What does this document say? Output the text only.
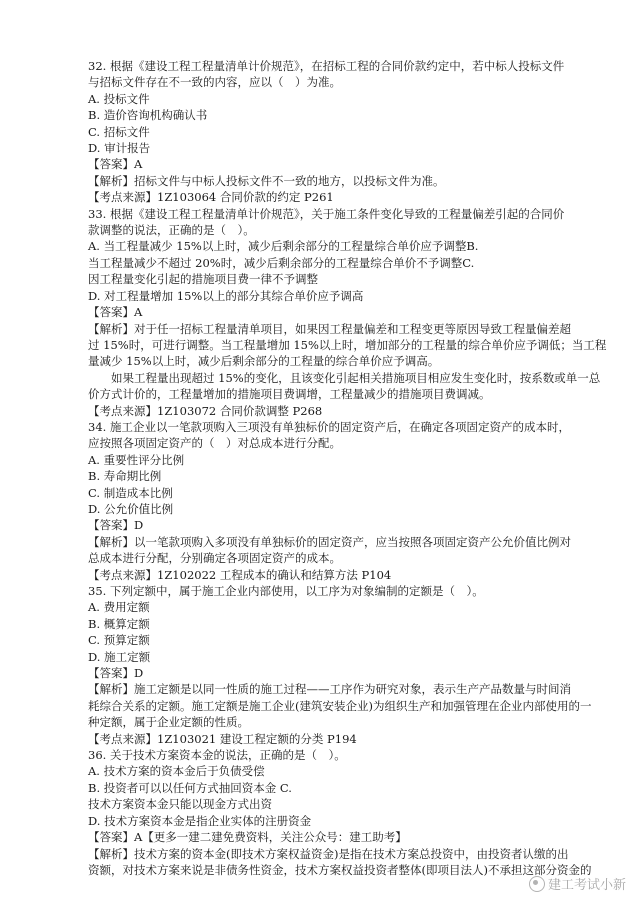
32. 根据《建设工程工程量清单计价规范》，在招标工程的合同价款约定中，若中标人投标文件

与招标文件存在不一致的内容，应以（　）为准。

A. 投标文件

B. 造价咨询机构确认书

C. 招标文件

D. 审计报告

【答案】A

【解析】招标文件与中标人投标文件不一致的地方，以投标文件为准。

【考点来源】1Z103064 合同价款的约定 P261

33. 根据《建设工程工程量清单计价规范》，关于施工条件变化导致的工程量偏差引起的合同价

款调整的说法，正确的是（　）。

A. 当工程量减少 15%以上时，减少后剩余部分的工程量综合单价应予调整B.

当工程量减少不超过 20%时，减少后剩余部分的工程量综合单价不予调整C.

因工程量变化引起的措施项目费一律不予调整

D. 对工程量增加 15%以上的部分其综合单价应予调高

【答案】A

【解析】对于任一招标工程量清单项目，如果因工程量偏差和工程变更等原因导致工程量偏差超

过 15%时，可进行调整。当工程量增加 15%以上时，增加部分的工程量的综合单价应予调低；当工程

量减少 15%以上时，减少后剩余部分的工程量的综合单价应予调高。

　　如果工程量出现超过 15%的变化，且该变化引起相关措施项目相应发生变化时，按系数或单一总

价方式计价的，工程量增加的措施项目费调增，工程量减少的措施项目费调减。

【考点来源】1Z103072 合同价款调整 P268

34. 施工企业以一笔款项购入三项没有单独标价的固定资产后，在确定各项固定资产的成本时，

应按照各项固定资产的（　）对总成本进行分配。

A. 重要性评分比例

B. 寿命期比例

C. 制造成本比例

D. 公允价值比例

【答案】D

【解析】以一笔款项购入多项没有单独标价的固定资产，应当按照各项固定资产公允价值比例对

总成本进行分配，分别确定各项固定资产的成本。

【考点来源】1Z102022 工程成本的确认和结算方法 P104

35. 下列定额中，属于施工企业内部使用，以工序为对象编制的定额是（　）。

A. 费用定额

B. 概算定额

C. 预算定额

D. 施工定额

【答案】D

【解析】施工定额是以同一性质的施工过程——工序作为研究对象，表示生产产品数量与时间消

耗综合关系的定额。施工定额是施工企业(建筑安装企业)为组织生产和加强管理在企业内部使用的一

种定额，属于企业定额的性质。

【考点来源】1Z103021 建设工程定额的分类 P194

36. 关于技术方案资本金的说法，正确的是（　）。

A. 技术方案的资本金后于负债受偿

B. 投资者可以以任何方式抽回资本金 C.

技术方案资本金只能以现金方式出资

D. 技术方案资本金是指企业实体的注册资金

【答案】A【更多一建二建免费资料，关注公众号：建工助考】

【解析】技术方案的资本金(即技术方案权益资金)是指在技术方案总投资中，由投资者认缴的出

资额，对技术方案来说是非债务性资金，技术方案权益投资者整体(即项目法人)不承担这部分资金的

建工考试小新
